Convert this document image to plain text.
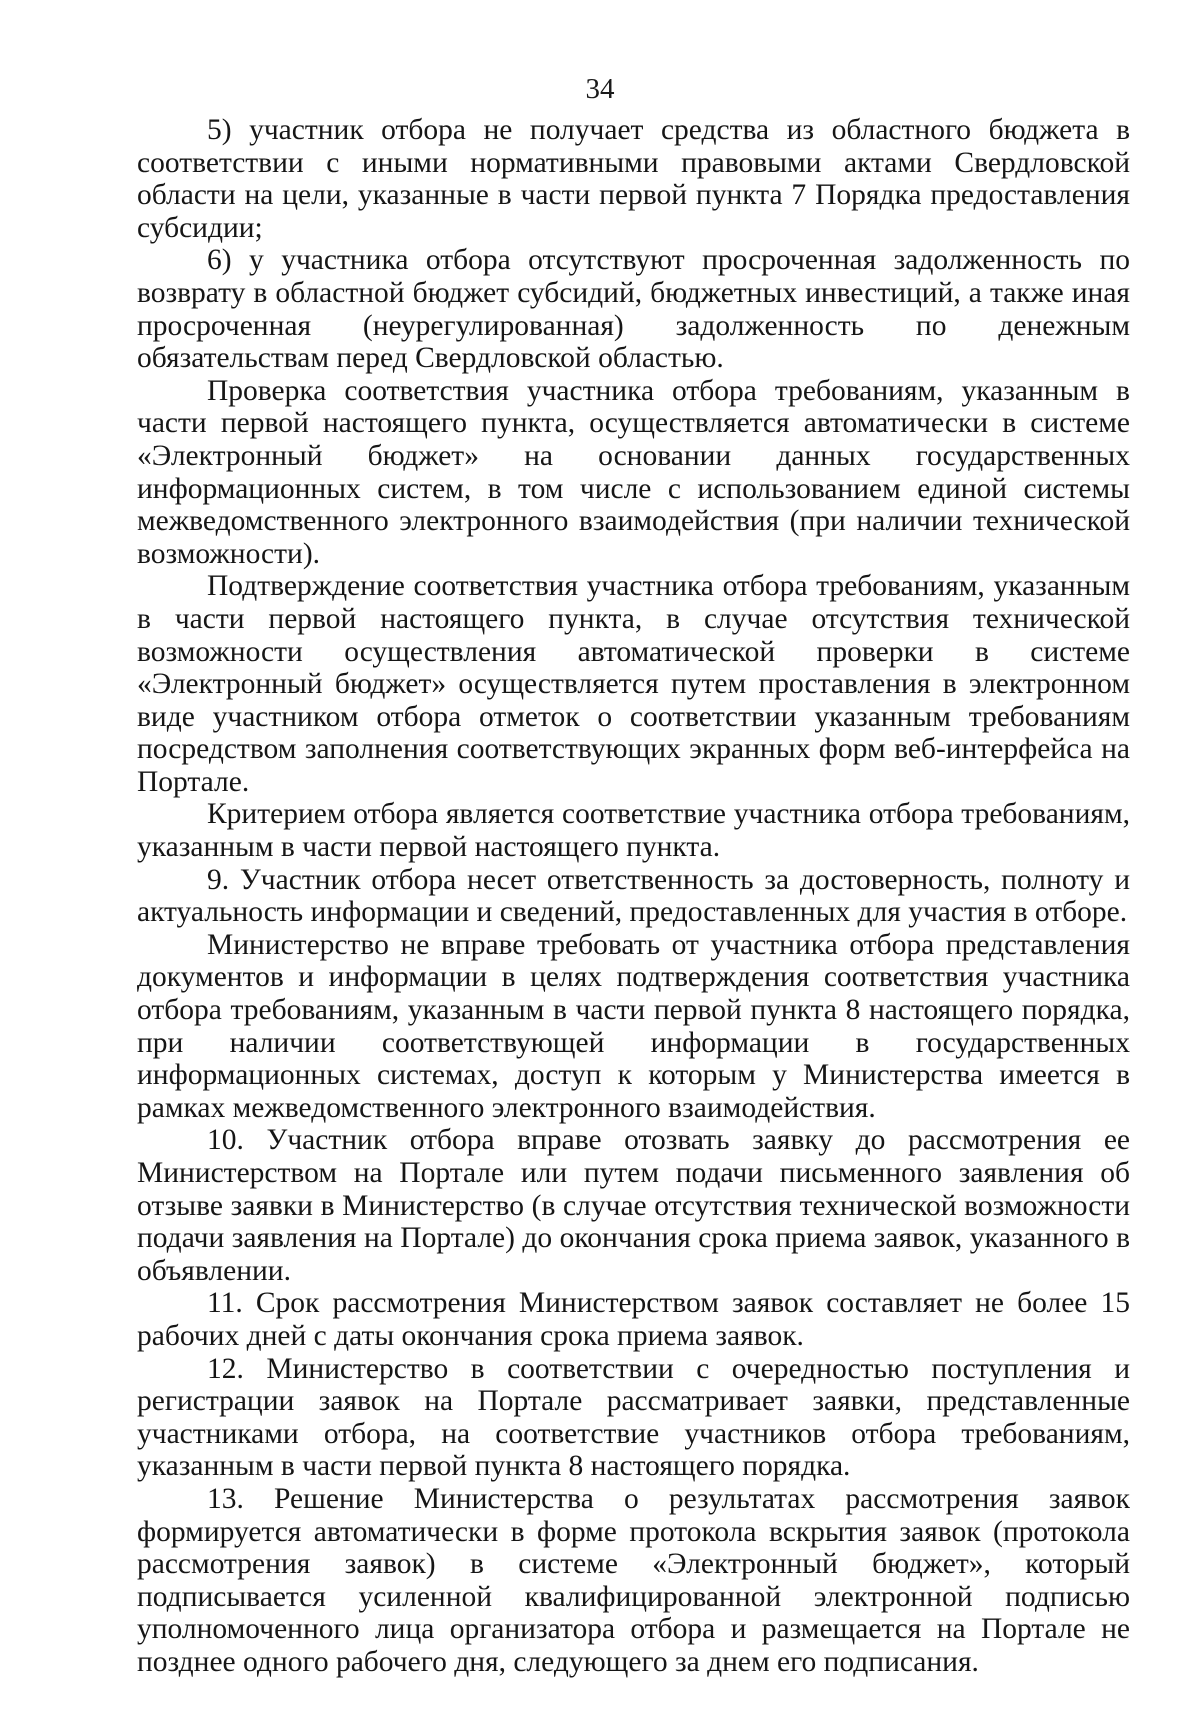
34

5) участник отбора не получает средства из областного бюджета в соответствии с иными нормативными правовыми актами Свердловской области на цели, указанные в части первой пункта 7 Порядка предоставления субсидии;

6) у участника отбора отсутствуют просроченная задолженность по возврату в областной бюджет субсидий, бюджетных инвестиций, а также иная просроченная (неурегулированная) задолженность по денежным обязательствам перед Свердловской областью.

Проверка соответствия участника отбора требованиям, указанным в части первой настоящего пункта, осуществляется автоматически в системе «Электронный бюджет» на основании данных государственных информационных систем, в том числе с использованием единой системы межведомственного электронного взаимодействия (при наличии технической возможности).

Подтверждение соответствия участника отбора требованиям, указанным в части первой настоящего пункта, в случае отсутствия технической возможности осуществления автоматической проверки в системе «Электронный бюджет» осуществляется путем проставления в электронном виде участником отбора отметок о соответствии указанным требованиям посредством заполнения соответствующих экранных форм веб-интерфейса на Портале.

Критерием отбора является соответствие участника отбора требованиям, указанным в части первой настоящего пункта.

9. Участник отбора несет ответственность за достоверность, полноту и актуальность информации и сведений, предоставленных для участия в отборе.

Министерство не вправе требовать от участника отбора представления документов и информации в целях подтверждения соответствия участника отбора требованиям, указанным в части первой пункта 8 настоящего порядка, при наличии соответствующей информации в государственных информационных системах, доступ к которым у Министерства имеется в рамках межведомственного электронного взаимодействия.

10. Участник отбора вправе отозвать заявку до рассмотрения ее Министерством на Портале или путем подачи письменного заявления об отзыве заявки в Министерство (в случае отсутствия технической возможности подачи заявления на Портале) до окончания срока приема заявок, указанного в объявлении.

11. Срок рассмотрения Министерством заявок составляет не более 15 рабочих дней с даты окончания срока приема заявок.

12. Министерство в соответствии с очередностью поступления и регистрации заявок на Портале рассматривает заявки, представленные участниками отбора, на соответствие участников отбора требованиям, указанным в части первой пункта 8 настоящего порядка.

13. Решение Министерства о результатах рассмотрения заявок формируется автоматически в форме протокола вскрытия заявок (протокола рассмотрения заявок) в системе «Электронный бюджет», который подписывается усиленной квалифицированной электронной подписью уполномоченного лица организатора отбора и размещается на Портале не позднее одного рабочего дня, следующего за днем его подписания.
